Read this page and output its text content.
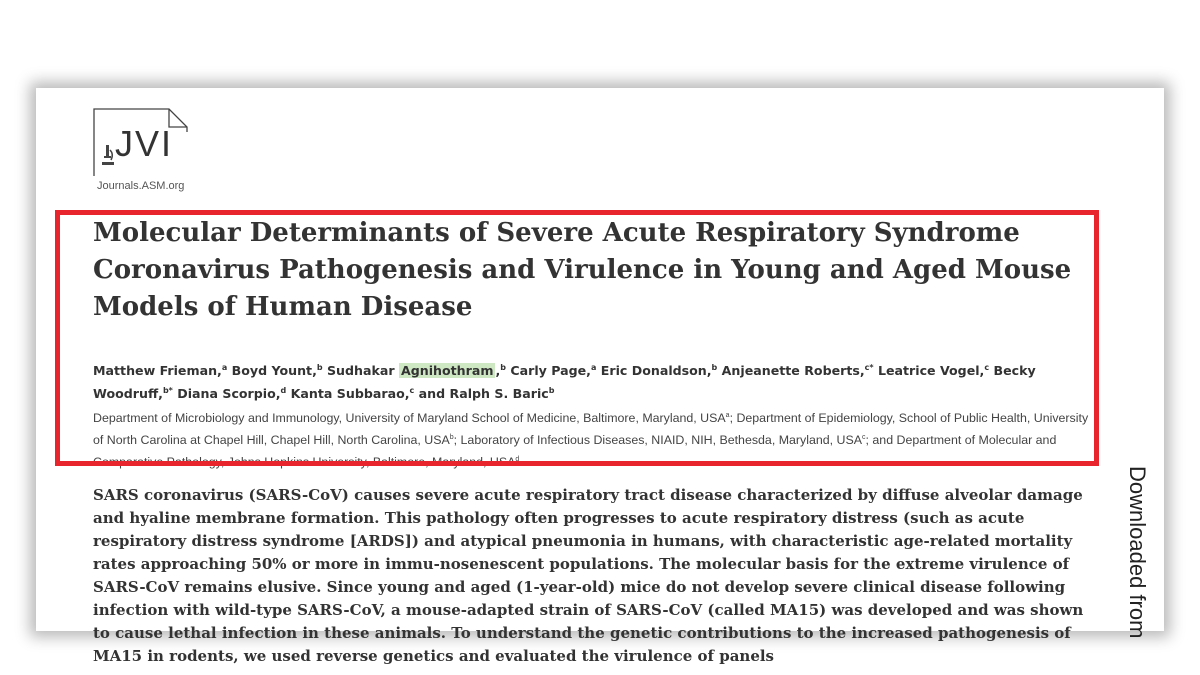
JVI
Journals.ASM.org
Molecular Determinants of Severe Acute Respiratory Syndrome Coronavirus Pathogenesis and Virulence in Young and Aged Mouse Models of Human Disease

Matthew Frieman,$^a$ Boyd Yount,$^b$ Sudhakar Agnihothram ,$^b$ Carly Page,$^a$ Eric Donaldson,$^b$ Anjeanette Roberts,$^{c*}$ Leatrice Vogel,$^c$ Becky Woodruff,$^{b*}$ Diana Scorpio,$^d$ Kanta Subbarao,$^c$ and Ralph S. Baric$^b$

Department of Microbiology and Immunology, University of Maryland School of Medicine, Baltimore, Maryland, USA$^a$; Department of Epidemiology, School of Public Health, University of North Carolina at Chapel Hill, Chapel Hill, North Carolina, USA$^b$; Laboratory of Infectious Diseases, NIAID, NIH, Bethesda, Maryland, USA$^c$; and Department of Molecular and Comparative Pathology, Johns Hopkins University, Baltimore, Maryland, USA$^d$

SARS coronavirus (SARS-CoV) causes severe acute respiratory tract disease characterized by diffuse alveolar damage and hyaline membrane formation. This pathology often progresses to acute respiratory distress (such as acute respiratory distress syndrome [ARDS]) and atypical pneumonia in humans, with characteristic age-related mortality rates approaching 50% or more in immu-nosenescent populations. The molecular basis for the extreme virulence of SARS-CoV remains elusive. Since young and aged (1-year-old) mice do not develop severe clinical disease following infection with wild-type SARS-CoV, a mouse-adapted strain of SARS-CoV (called MA15) was developed and was shown to cause lethal infection in these animals. To understand the genetic contributions to the increased pathogenesis of MA15 in rodents, we used reverse genetics and evaluated the virulence of panels

Downloaded from
